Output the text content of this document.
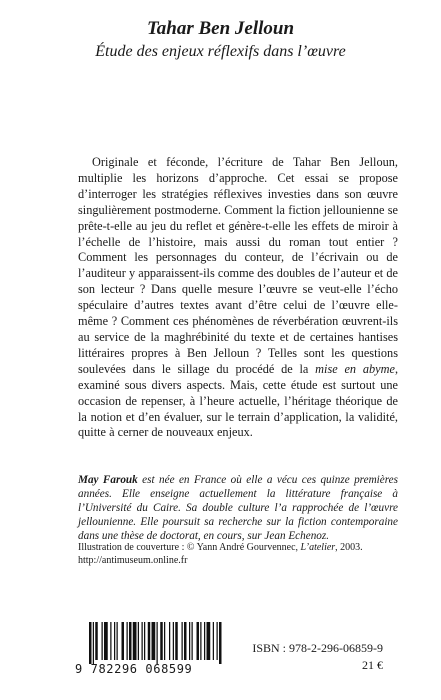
Tahar Ben Jelloun
Étude des enjeux réflexifs dans l’œuvre

Originale et féconde, l’écriture de Tahar Ben Jelloun, multiplie les horizons d’approche. Cet essai se propose d’interroger les stratégies réflexives investies dans son œuvre singulièrement postmoderne. Comment la fiction jellounienne se prête-t-elle au jeu du reflet et génère-t-elle les effets de miroir à l’échelle de l’histoire, mais aussi du roman tout entier ? Comment les personnages du conteur, de l’écrivain ou de l’auditeur y apparaissent-ils comme des doubles de l’auteur et de son lecteur ? Dans quelle mesure l’œuvre se veut-elle l’écho spéculaire d’autres textes avant d’être celui de l’œuvre elle-même ? Comment ces phénomènes de réverbération œuvrent-ils au service de la maghrébinité du texte et de certaines hantises littéraires propres à Ben Jelloun ? Telles sont les questions soulevées dans le sillage du procédé de la mise en abyme, examiné sous divers aspects. Mais, cette étude est surtout une occasion de repenser, à l’heure actuelle, l’héritage théorique de la notion et d’en évaluer, sur le terrain d’application, la validité, quitte à cerner de nouveaux enjeux.

May Farouk est née en France où elle a vécu ces quinze premières années. Elle enseigne actuellement la littérature française à l’Université du Caire. Sa double culture l’a rapprochée de l’œuvre jellounienne. Elle poursuit sa recherche sur la fiction contemporaine dans une thèse de doctorat, en cours, sur Jean Echenoz.

Illustration de couverture : © Yann André Gourvennec, L’atelier, 2003.
http://antimuseum.online.fr

9 782296 068599
ISBN : 978-2-296-06859-9
21 €
